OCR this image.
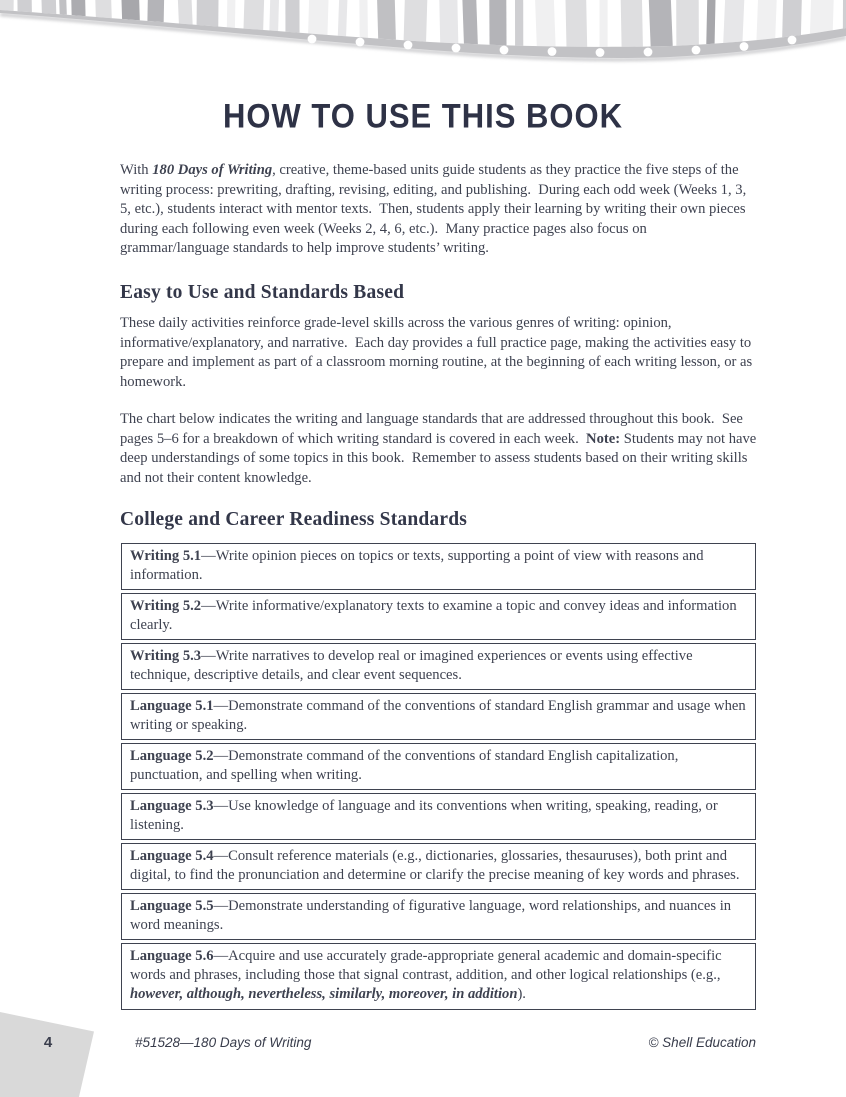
HOW TO USE THIS BOOK
With 180 Days of Writing, creative, theme-based units guide students as they practice the five steps of the writing process: prewriting, drafting, revising, editing, and publishing.  During each odd week (Weeks 1, 3, 5, etc.), students interact with mentor texts.  Then, students apply their learning by writing their own pieces during each following even week (Weeks 2, 4, 6, etc.).  Many practice pages also focus on grammar/language standards to help improve students’ writing.
Easy to Use and Standards Based
These daily activities reinforce grade-level skills across the various genres of writing: opinion, informative/explanatory, and narrative.  Each day provides a full practice page, making the activities easy to prepare and implement as part of a classroom morning routine, at the beginning of each writing lesson, or as homework.
The chart below indicates the writing and language standards that are addressed throughout this book.  See pages 5–6 for a breakdown of which writing standard is covered in each week.  Note: Students may not have deep understandings of some topics in this book.  Remember to assess students based on their writing skills and not their content knowledge.
College and Career Readiness Standards
Writing 5.1—Write opinion pieces on topics or texts, supporting a point of view with reasons and information.
Writing 5.2—Write informative/explanatory texts to examine a topic and convey ideas and information clearly.
Writing 5.3—Write narratives to develop real or imagined experiences or events using effective technique, descriptive details, and clear event sequences.
Language 5.1—Demonstrate command of the conventions of standard English grammar and usage when writing or speaking.
Language 5.2—Demonstrate command of the conventions of standard English capitalization, punctuation, and spelling when writing.
Language 5.3—Use knowledge of language and its conventions when writing, speaking, reading, or listening.
Language 5.4—Consult reference materials (e.g., dictionaries, glossaries, thesauruses), both print and digital, to find the pronunciation and determine or clarify the precise meaning of key words and phrases.
Language 5.5—Demonstrate understanding of figurative language, word relationships, and nuances in word meanings.
Language 5.6—Acquire and use accurately grade-appropriate general academic and domain-specific words and phrases, including those that signal contrast, addition, and other logical relationships (e.g., however, although, nevertheless, similarly, moreover, in addition).
4	#51528—180 Days of Writing	© Shell Education
